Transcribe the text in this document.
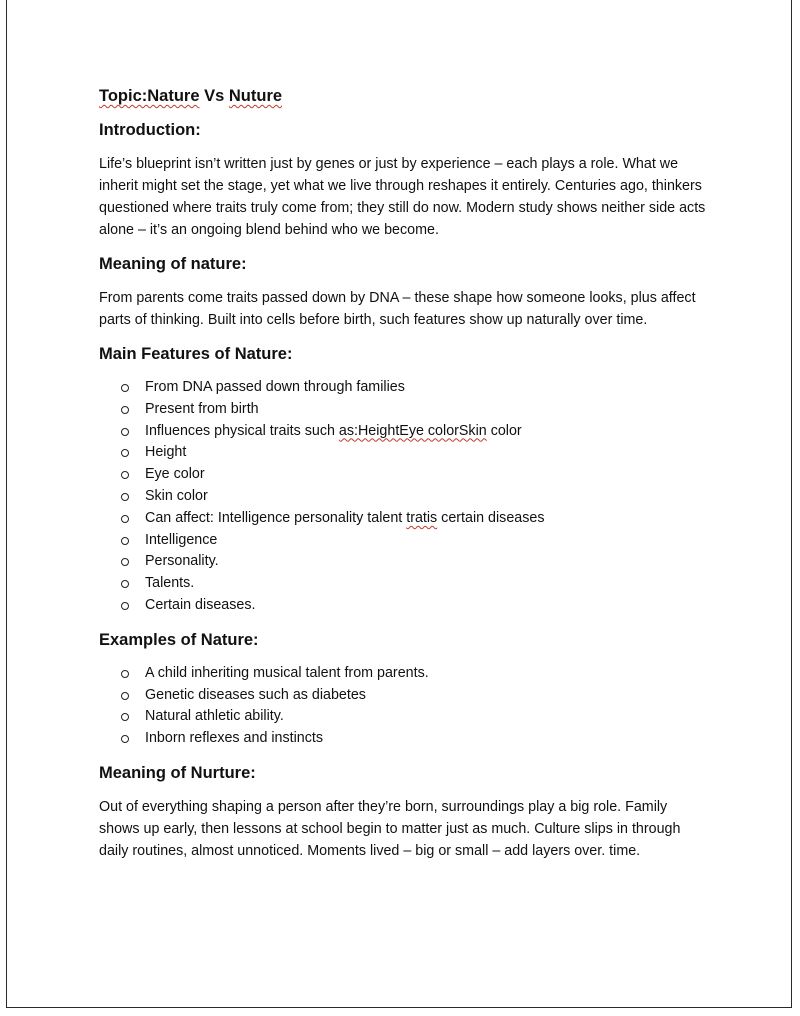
Topic:Nature Vs Nuture
Introduction:

Life’s blueprint isn’t written just by genes or just by experience – each plays a role. What we inherit might set the stage, yet what we live through reshapes it entirely. Centuries ago, thinkers questioned where traits truly come from; they still do now. Modern study shows neither side acts alone – it’s an ongoing blend behind who we become.

Meaning of nature:

From parents come traits passed down by DNA – these shape how someone looks, plus affect parts of thinking. Built into cells before birth, such features show up naturally over time.

Main Features of Nature:
From DNA passed down through families
Present from birth
Influences physical traits such as:HeightEye colorSkin color
Height
Eye color
Skin color
Can affect: Intelligence personality talent tratis certain diseases
Intelligence
Personality.
Talents.
Certain diseases.
Examples of Nature:
A child inheriting musical talent from parents.
Genetic diseases such as diabetes
Natural athletic ability.
Inborn reflexes and instincts
Meaning of Nurture:

Out of everything shaping a person after they’re born, surroundings play a big role. Family shows up early, then lessons at school begin to matter just as much. Culture slips in through daily routines, almost unnoticed. Moments lived – big or small – add layers over. time.
